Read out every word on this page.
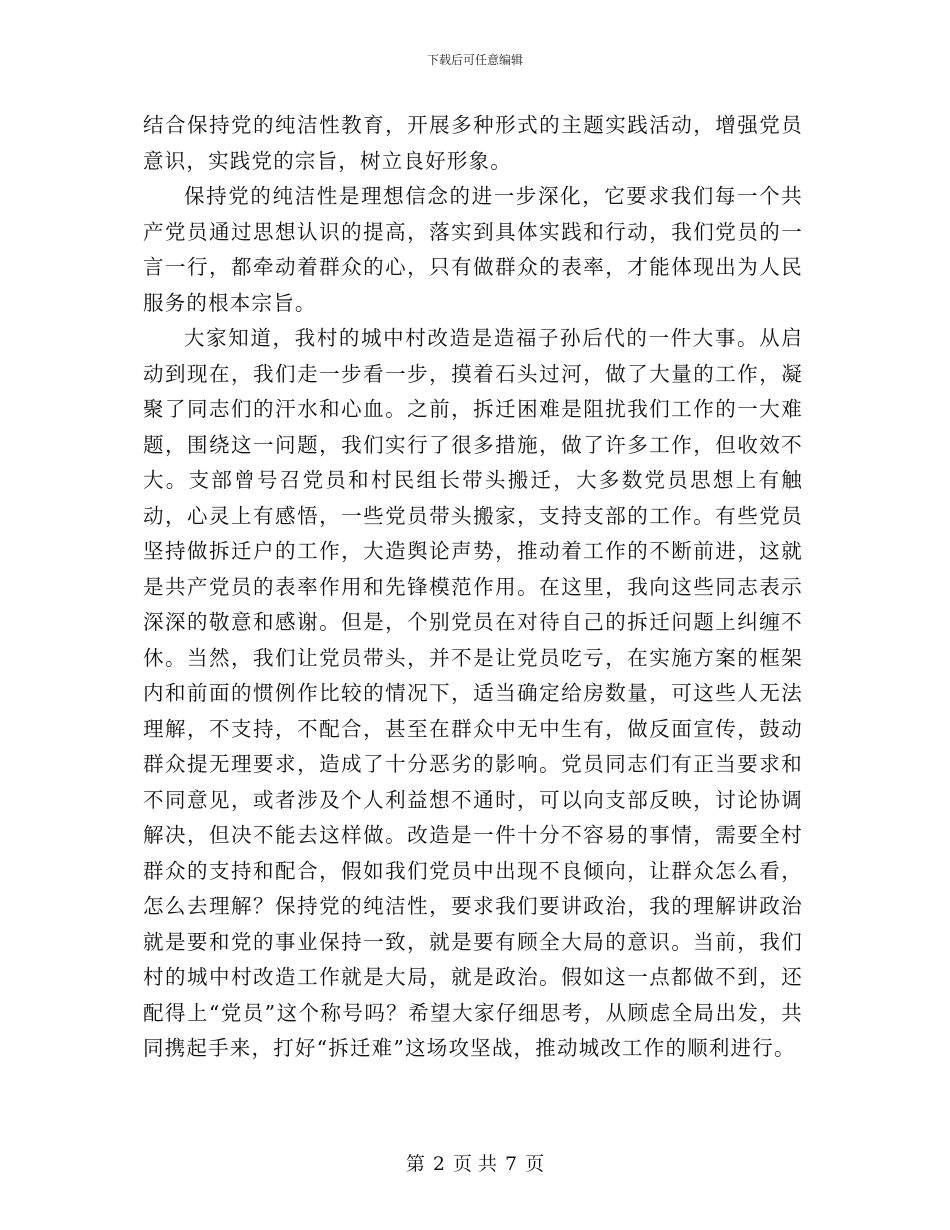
下载后可任意编辑

结合保持党的纯洁性教育，开展多种形式的主题实践活动，增强党员意识，实践党的宗旨，树立良好形象。

保持党的纯洁性是理想信念的进一步深化，它要求我们每一个共产党员通过思想认识的提高，落实到具体实践和行动，我们党员的一言一行，都牵动着群众的心，只有做群众的表率，才能体现出为人民服务的根本宗旨。

大家知道，我村的城中村改造是造福子孙后代的一件大事。从启动到现在，我们走一步看一步，摸着石头过河，做了大量的工作，凝聚了同志们的汗水和心血。之前，拆迁困难是阻扰我们工作的一大难题，围绕这一问题，我们实行了很多措施，做了许多工作，但收效不大。支部曾号召党员和村民组长带头搬迁，大多数党员思想上有触动，心灵上有感悟，一些党员带头搬家，支持支部的工作。有些党员坚持做拆迁户的工作，大造舆论声势，推动着工作的不断前进，这就是共产党员的表率作用和先锋模范作用。在这里，我向这些同志表示深深的敬意和感谢。但是，个别党员在对待自己的拆迁问题上纠缠不休。当然，我们让党员带头，并不是让党员吃亏，在实施方案的框架内和前面的惯例作比较的情况下，适当确定给房数量，可这些人无法理解，不支持，不配合，甚至在群众中无中生有，做反面宣传，鼓动群众提无理要求，造成了十分恶劣的影响。党员同志们有正当要求和不同意见，或者涉及个人利益想不通时，可以向支部反映，讨论协调解决，但决不能去这样做。改造是一件十分不容易的事情，需要全村群众的支持和配合，假如我们党员中出现不良倾向，让群众怎么看，怎么去理解？保持党的纯洁性，要求我们要讲政治，我的理解讲政治就是要和党的事业保持一致，就是要有顾全大局的意识。当前，我们村的城中村改造工作就是大局，就是政治。假如这一点都做不到，还配得上“党员”这个称号吗？希望大家仔细思考，从顾虑全局出发，共同携起手来，打好“拆迁难”这场攻坚战，推动城改工作的顺利进行。

第 2 页 共 7 页
